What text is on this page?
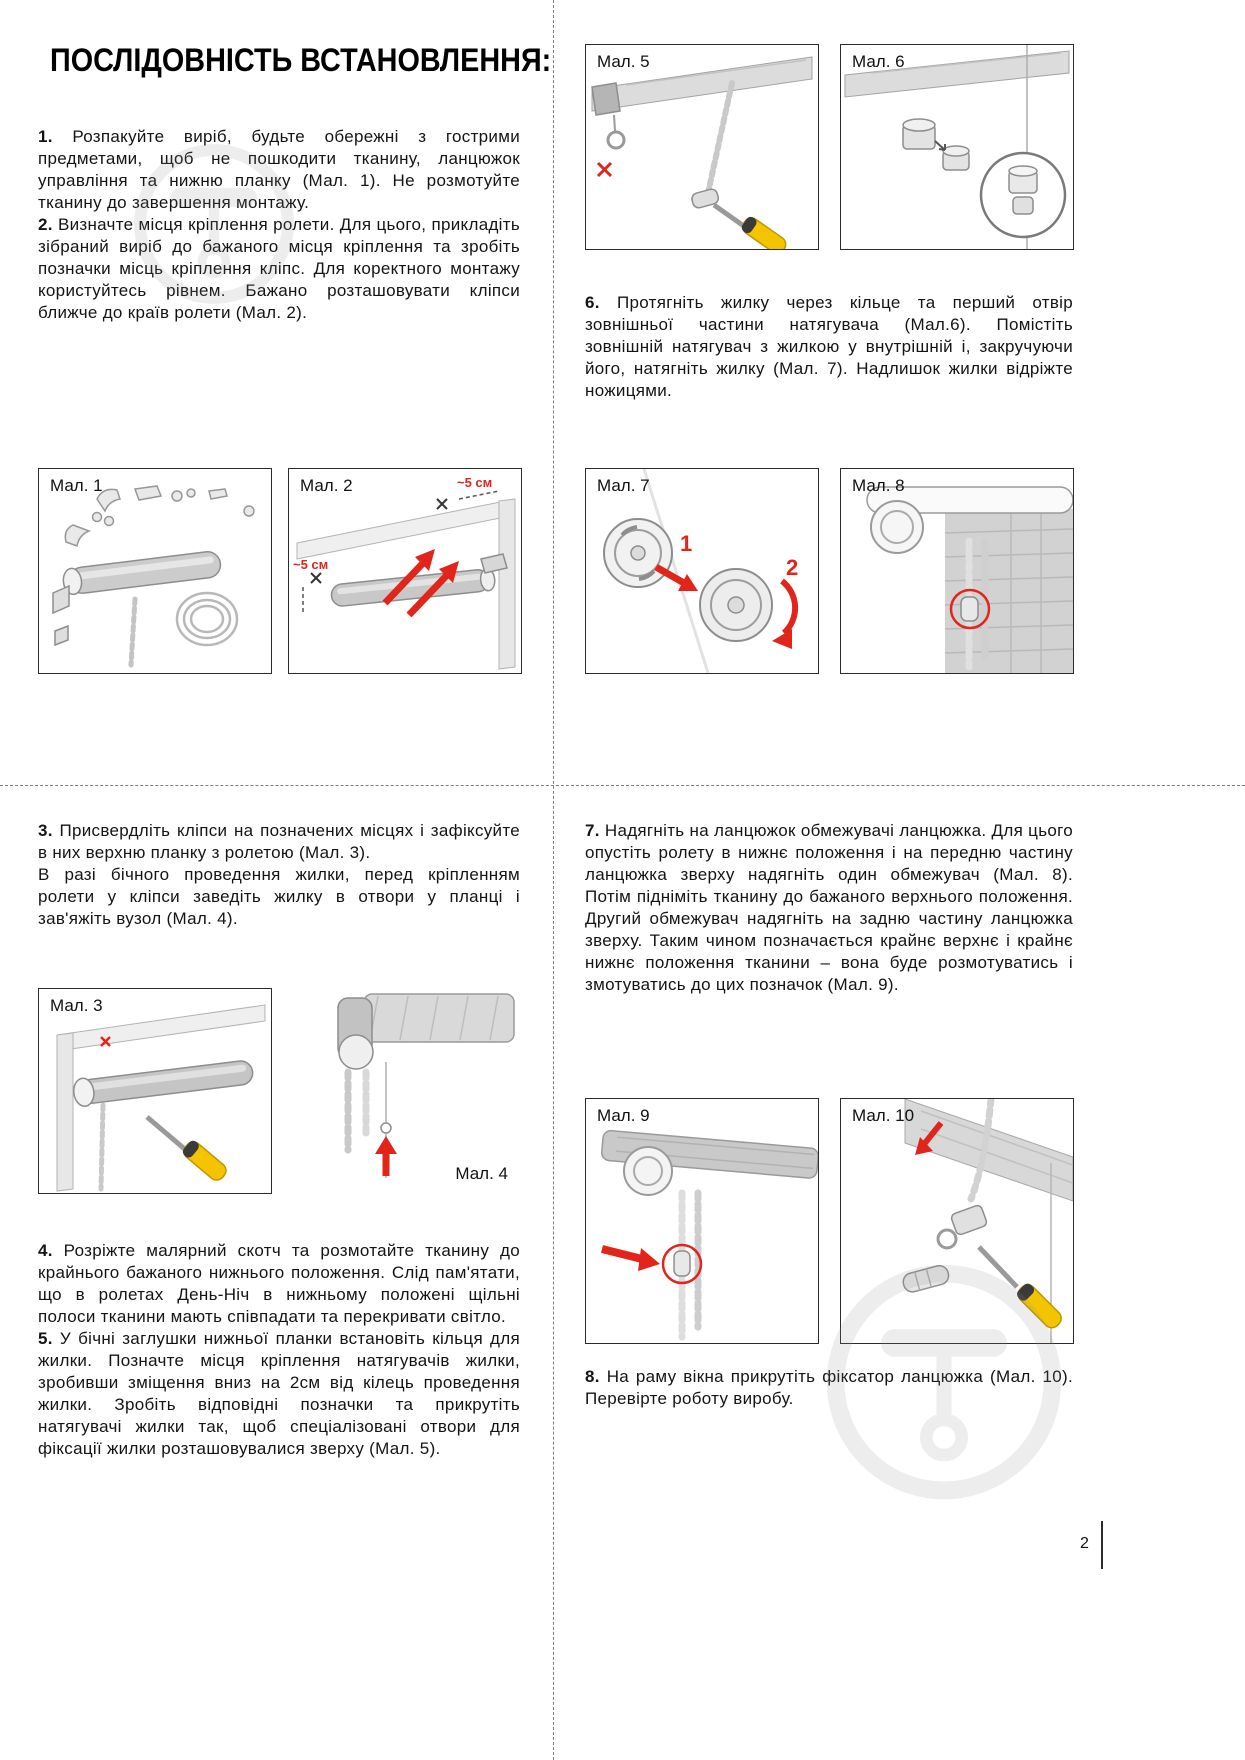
ПОСЛІДОВНІСТЬ ВСТАНОВЛЕННЯ:

1. Розпакуйте виріб, будьте обережні з гострими предметами, щоб не пошкодити тканину, ланцюжок управління та нижню планку (Мал. 1). Не розмотуйте тканину до завершення монтажу.

2. Визначте місця кріплення ролети. Для цього, прикладіть зібраний виріб до бажаного місця кріплення та зробіть позначки місць кріплення кліпс. Для коректного монтажу користуйтесь рівнем. Бажано розташовувати кліпси ближче до країв ролети (Мал. 2).

6. Протягніть жилку через кільце та перший отвір зовнішньої частини натягувача (Мал.6). Помістіть зовнішній натягувач з жилкою у внутрішній і, закручуючи його, натягніть жилку (Мал. 7). Надлишок жилки відріжте ножицями.

3. Присвердліть кліпси на позначених місцях і зафіксуйте в них верхню планку з ролетою (Мал. 3).

В разі бічного проведення жилки, перед кріпленням ролети у кліпси заведіть жилку в отвори у планці і зав'яжіть вузол (Мал. 4).

7. Надягніть на ланцюжок обмежувачі ланцюжка. Для цього опустіть ролету в нижнє положення і на передню частину ланцюжка зверху надягніть один обмежувач (Мал. 8). Потім підніміть тканину до бажаного верхнього положення. Другий обмежувач надягніть на задню частину ланцюжка зверху. Таким чином позначається крайнє верхнє і крайнє нижнє положення тканини – вона буде розмотуватись і змотуватись до цих позначок (Мал. 9).

4. Розріжте малярний скотч та розмотайте тканину до крайнього бажаного нижнього положення. Слід пам'ятати, що в ролетах День-Ніч в нижньому положені щільні полоси тканини мають співпадати та перекривати світло.

5. У бічні заглушки нижньої планки встановіть кільця для жилки. Позначте місця кріплення натягувачів жилки, зробивши зміщення вниз на 2см від кілець проведення жилки. Зробіть відповідні позначки та прикрутіть натягувачі жилки так, щоб спеціалізовані отвори для фіксації жилки розташовувалися зверху (Мал. 5).

8. На раму вікна прикрутіть фіксатор ланцюжка (Мал. 10). Перевірте роботу виробу.

Мал. 1	~5 см
~5 см
Мал. 2
Мал. 5	Мал. 6
1
2
Мал. 7	Мал. 8
Мал. 3
Мал. 4
Мал. 9	Мал. 10
2
